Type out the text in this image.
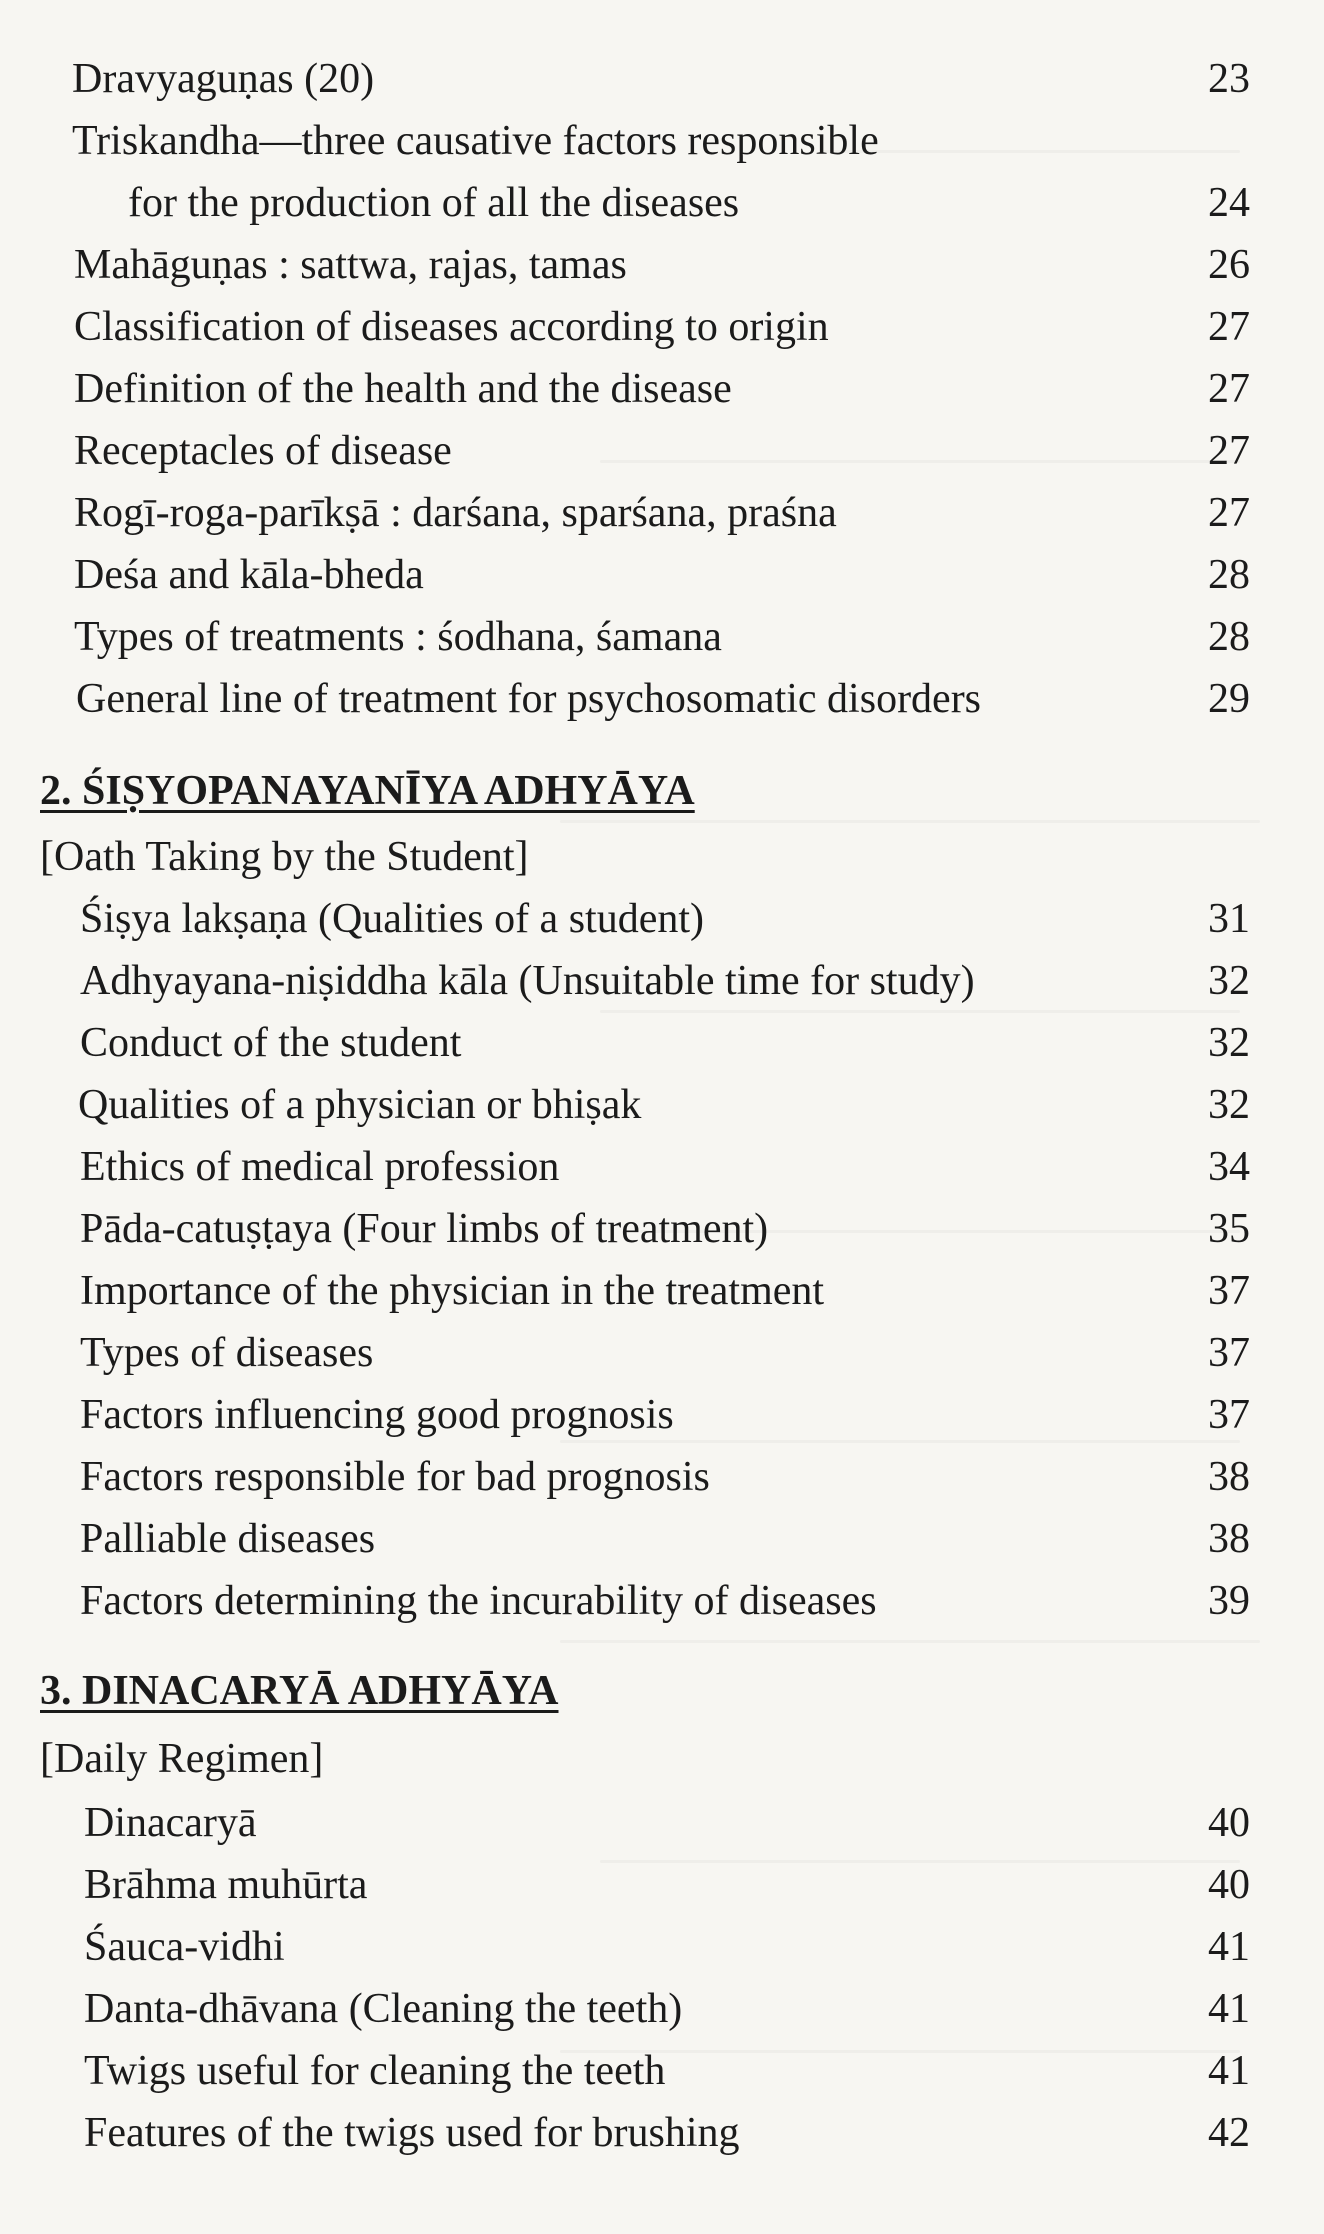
Dravyaguṇas (20)	23
Triskandha—three causative factors responsible
for the production of all the diseases	24
Mahāguṇas : sattwa, rajas, tamas	26
Classification of diseases according to origin	27
Definition of the health and the disease	27
Receptacles of disease	27
Rogī-roga-parīkṣā : darśana, sparśana, praśna	27
Deśa and kāla-bheda	28
Types of treatments : śodhana, śamana	28
General line of treatment for psychosomatic disorders	29
2. ŚIṢYOPANAYANĪYA ADHYĀYA
[Oath Taking by the Student]
Śiṣya lakṣaṇa (Qualities of a student)	31
Adhyayana-niṣiddha kāla (Unsuitable time for study)	32
Conduct of the student	32
Qualities of a physician or bhiṣak	32
Ethics of medical profession	34
Pāda-catuṣṭaya (Four limbs of treatment)	35
Importance of the physician in the treatment	37
Types of diseases	37
Factors influencing good prognosis	37
Factors responsible for bad prognosis	38
Palliable diseases	38
Factors determining the incurability of diseases	39
3. DINACARYĀ ADHYĀYA
[Daily Regimen]
Dinacaryā	40
Brāhma muhūrta	40
Śauca-vidhi	41
Danta-dhāvana (Cleaning the teeth)	41
Twigs useful for cleaning the teeth	41
Features of the twigs used for brushing	42
